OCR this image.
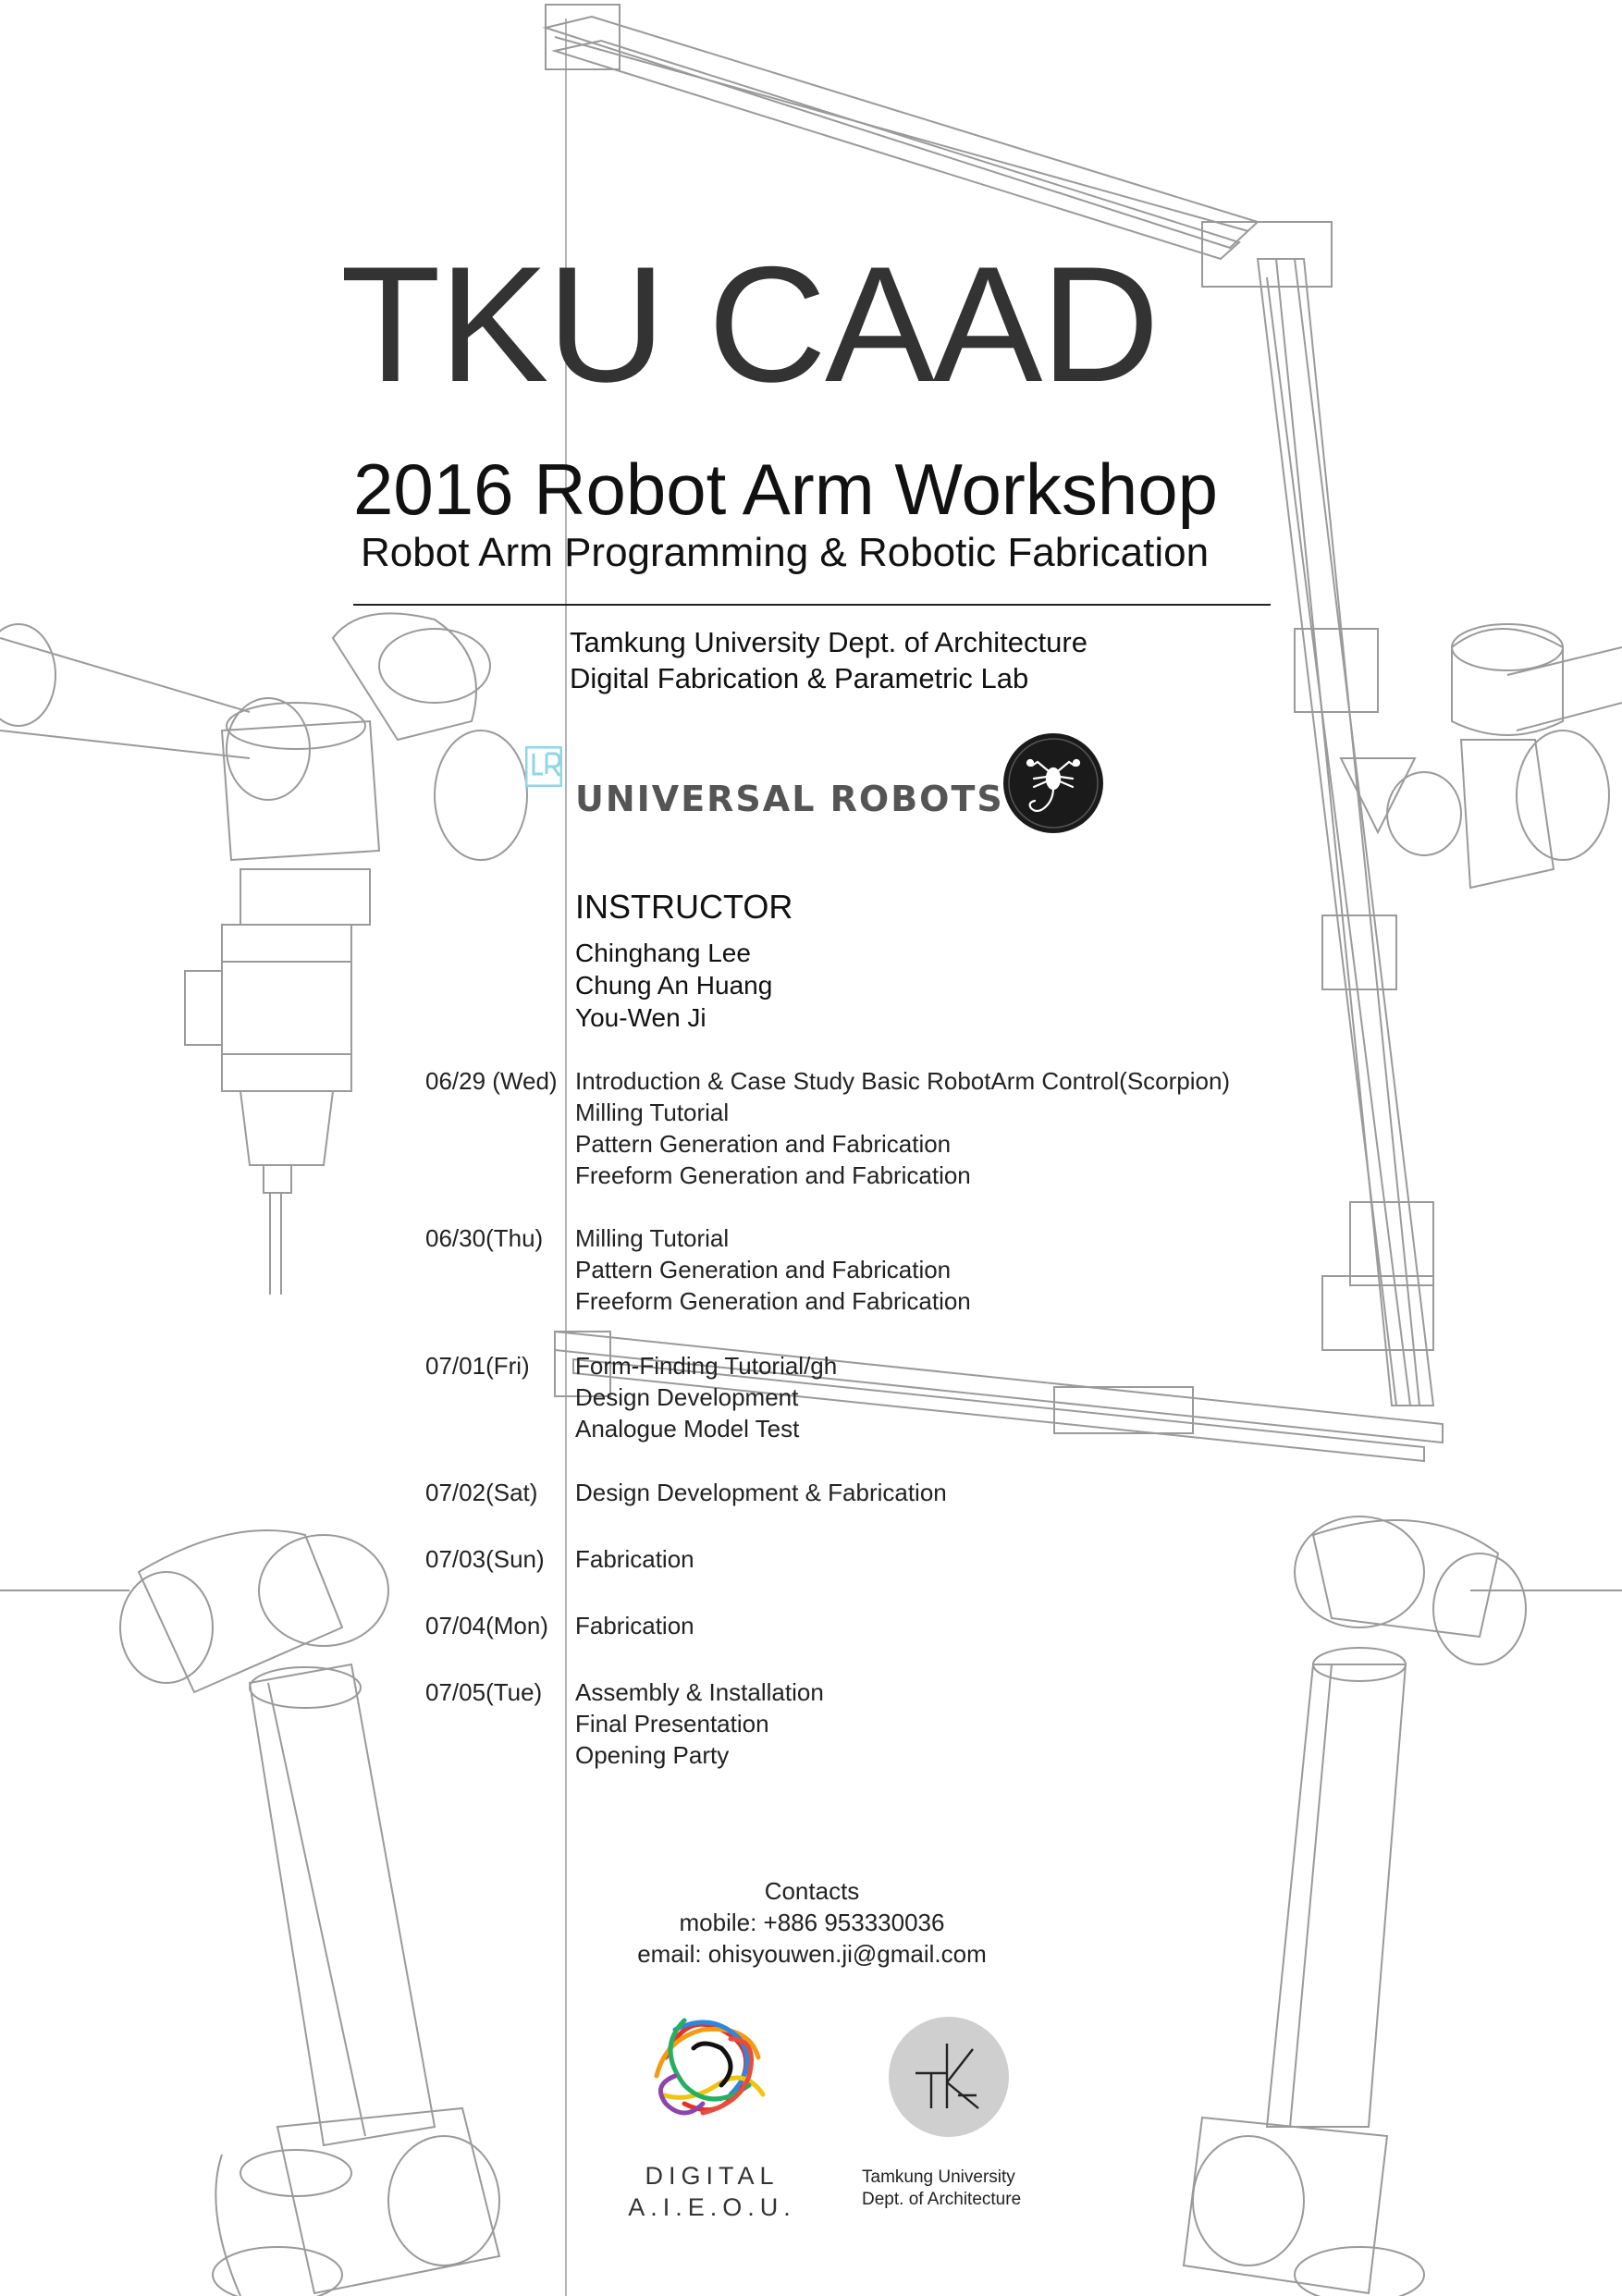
TKU CAAD
2016 Robot Arm Workshop
Robot Arm Programming & Robotic Fabrication
Tamkung University Dept. of Architecture
Digital Fabrication & Parametric Lab
UNIVERSAL ROBOTS
INSTRUCTOR
Chinghang Lee
Chung An Huang
You-Wen Ji
06/29 (Wed) Introduction & Case Study Basic RobotArm Control(Scorpion)
Milling Tutorial
Pattern Generation and Fabrication
Freeform Generation and Fabrication
06/30(Thu) Milling Tutorial
Pattern Generation and Fabrication
Freeform Generation and Fabrication
07/01(Fri) Form-Finding Tutorial/gh
Design Development
Analogue Model Test
07/02(Sat) Design Development & Fabrication
07/03(Sun) Fabrication
07/04(Mon) Fabrication
07/05(Tue) Assembly & Installation
Final Presentation
Opening Party
Contacts
mobile: +886 953330036
email: ohisyouwen.ji@gmail.com
DIGITAL
A.I.E.O.U.
Tamkung University
Dept. of Architecture
